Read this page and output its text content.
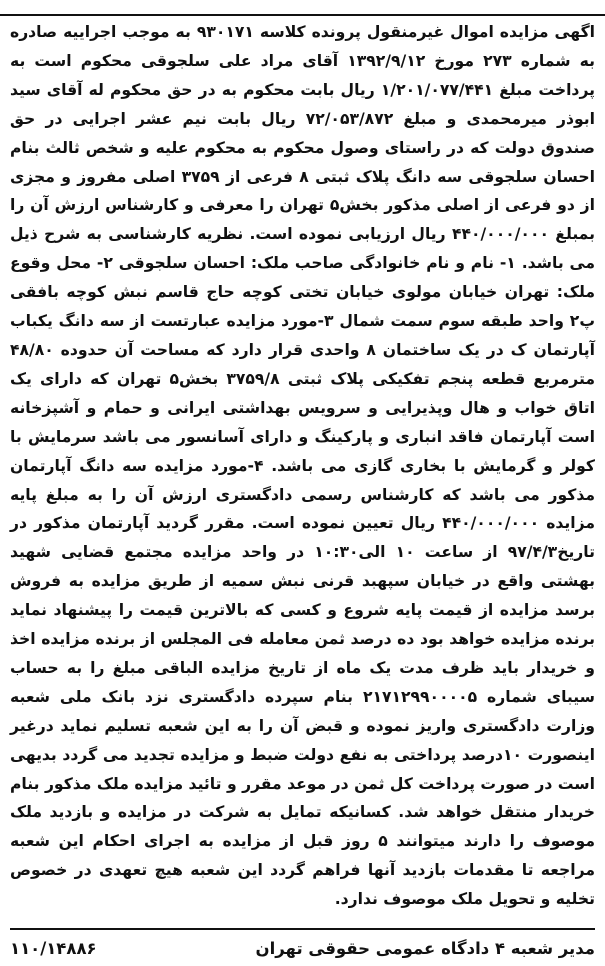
اگهی مزایده اموال غیرمنقول پرونده کلاسه ۹۳۰۱۷۱ به موجب اجراییه صادره به شماره ۲۷۳ مورخ ۱۳۹۲/۹/۱۲ آقای مراد علی سلجوقی محکوم است به پرداخت مبلغ ۱/۲۰۱/۰۷۷/۴۴۱ ریال بابت محکوم به در حق محکوم له آقای سید ابوذر میرمحمدی و مبلغ ۷۲/۰۵۳/۸۷۲ ریال بابت نیم عشر اجرایی در حق صندوق دولت که در راستای وصول محکوم به محکوم علیه و شخص ثالث بنام احسان سلجوقی سه دانگ پلاک ثبتی ۸ فرعی از ۳۷۵۹ اصلی مفروز و مجزی از دو فرعی از اصلی مذکور بخش۵ تهران را معرفی و کارشناس ارزش آن را بمبلغ ۴۴۰/۰۰۰/۰۰۰ ریال ارزیابی نموده است. نظریه کارشناسی به شرح ذیل می باشد. ۱- نام و نام خانوادگی صاحب ملک: احسان سلجوقی ۲- محل وقوع ملک: تهران خیابان مولوی خیابان تختی کوچه حاج قاسم نبش کوچه بافقی پ۲ واحد طبقه سوم سمت شمال ۳-مورد مزایده عبارتست از سه دانگ یکباب آپارتمان ک در یک ساختمان ۸ واحدی قرار دارد که مساحت آن حدوده ۴۸/۸۰ مترمربع قطعه پنجم تفکیکی پلاک ثبتی ۳۷۵۹/۸ بخش۵ تهران که دارای یک اتاق خواب و هال وپذیرایی و سرویس بهداشتی ایرانی و حمام و آشپزخانه است آپارتمان فاقد انباری و پارکینگ و دارای آسانسور می باشد سرمایش با کولر و گرمایش با بخاری گازی می باشد. ۴-مورد مزایده سه دانگ آپارتمان مذکور می باشد که کارشناس رسمی دادگستری ارزش آن را به مبلغ پایه مزایده ۴۴۰/۰۰۰/۰۰۰ ریال تعیین نموده است. مقرر گردید آپارتمان مذکور در تاریخ۹۷/۴/۳ از ساعت ۱۰ الی۱۰:۳۰ در واحد مزایده مجتمع قضایی شهید بهشتی واقع در خیابان سپهبد قرنی نبش سمیه از طریق مزایده به فروش برسد مزایده از قیمت پایه شروع و کسی که بالاترین قیمت را پیشنهاد نماید برنده مزایده خواهد بود ده درصد ثمن معامله فی المجلس از برنده مزایده اخذ و خریدار باید ظرف مدت یک ماه از تاریخ مزایده الباقی مبلغ را به حساب سیبای شماره ۲۱۷۱۲۹۹۰۰۰۰۵ بنام سپرده دادگستری نزد بانک ملی شعبه وزارت دادگستری واریز نموده و قبض آن را به این شعبه تسلیم نماید درغیر اینصورت ۱۰درصد پرداختی به نفع دولت ضبط و مزایده تجدید می گردد بدیهی است در صورت پرداخت کل ثمن در موعد مقرر و تائید مزایده ملک مذکور بنام خریدار منتقل خواهد شد. کسانیکه تمایل به شرکت در مزایده و بازدید ملک موصوف را دارند میتوانند ۵ روز قبل از مزایده به اجرای احکام این شعبه مراجعه تا مقدمات بازدید آنها فراهم گردد این شعبه هیچ تعهدی در خصوص تخلیه و تحویل ملک موصوف ندارد.

مدیر شعبه ۴ دادگاه عمومی حقوقی تهران
۱۱۰/۱۴۸۸۶
